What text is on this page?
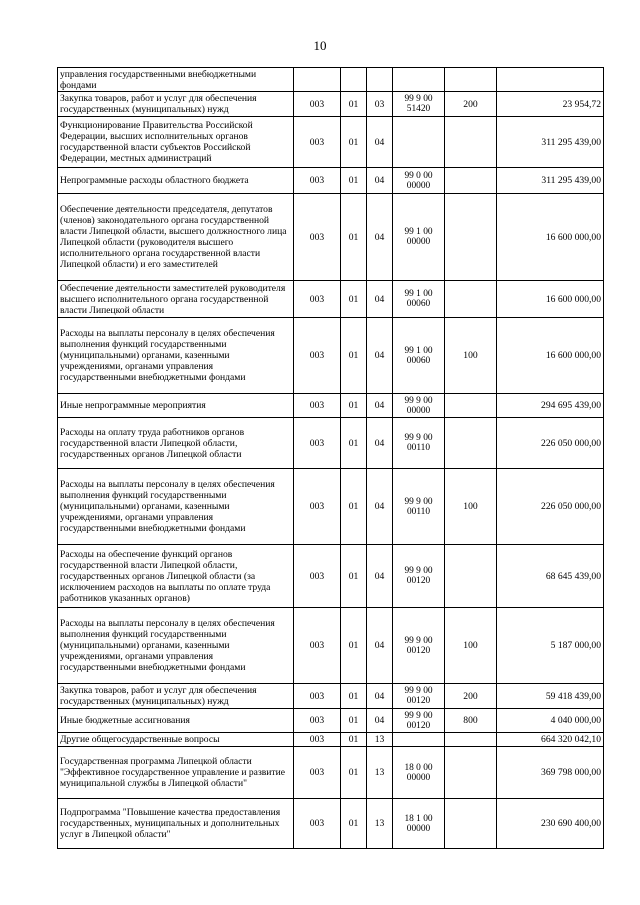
10
управления государственными внебюджетными фондами						
Закупка товаров, работ и услуг для обеспечения государственных (муниципальных) нужд	003	01	03	99 9 00 51420	200	23 954,72
Функционирование Правительства Российской Федерации, высших исполнительных органов государственной власти субъектов Российской Федерации, местных администраций	003	01	04			311 295 439,00
Непрограммные расходы областного бюджета	003	01	04	99 0 00 00000		311 295 439,00
Обеспечение деятельности председателя, депутатов (членов) законодательного органа государственной власти Липецкой области, высшего должностного лица Липецкой области (руководителя высшего исполнительного органа государственной власти Липецкой области) и его заместителей	003	01	04	99 1 00 00000		16 600 000,00
Обеспечение деятельности заместителей руководителя высшего исполнительного органа государственной власти Липецкой области	003	01	04	99 1 00 00060		16 600 000,00
Расходы на выплаты персоналу в целях обеспечения выполнения функций государственными (муниципальными) органами, казенными учреждениями, органами управления государственными внебюджетными фондами	003	01	04	99 1 00 00060	100	16 600 000,00
Иные непрограммные мероприятия	003	01	04	99 9 00 00000		294 695 439,00
Расходы на оплату труда работников органов государственной власти Липецкой области, государственных органов Липецкой области	003	01	04	99 9 00 00110		226 050 000,00
Расходы на выплаты персоналу в целях обеспечения выполнения функций государственными (муниципальными) органами, казенными учреждениями, органами управления государственными внебюджетными фондами	003	01	04	99 9 00 00110	100	226 050 000,00
Расходы на обеспечение функций органов государственной власти Липецкой области, государственных органов Липецкой области (за исключением расходов на выплаты по оплате труда работников указанных органов)	003	01	04	99 9 00 00120		68 645 439,00
Расходы на выплаты персоналу в целях обеспечения выполнения функций государственными (муниципальными) органами, казенными учреждениями, органами управления государственными внебюджетными фондами	003	01	04	99 9 00 00120	100	5 187 000,00
Закупка товаров, работ и услуг для обеспечения государственных (муниципальных) нужд	003	01	04	99 9 00 00120	200	59 418 439,00
Иные бюджетные ассигнования	003	01	04	99 9 00 00120	800	4 040 000,00
Другие общегосударственные вопросы	003	01	13			664 320 042,10
Государственная программа Липецкой области "Эффективное государственное управление и развитие муниципальной службы в Липецкой области"	003	01	13	18 0 00 00000		369 798 000,00
Подпрограмма "Повышение качества предоставления государственных, муниципальных и дополнительных услуг в Липецкой области"	003	01	13	18 1 00 00000		230 690 400,00
